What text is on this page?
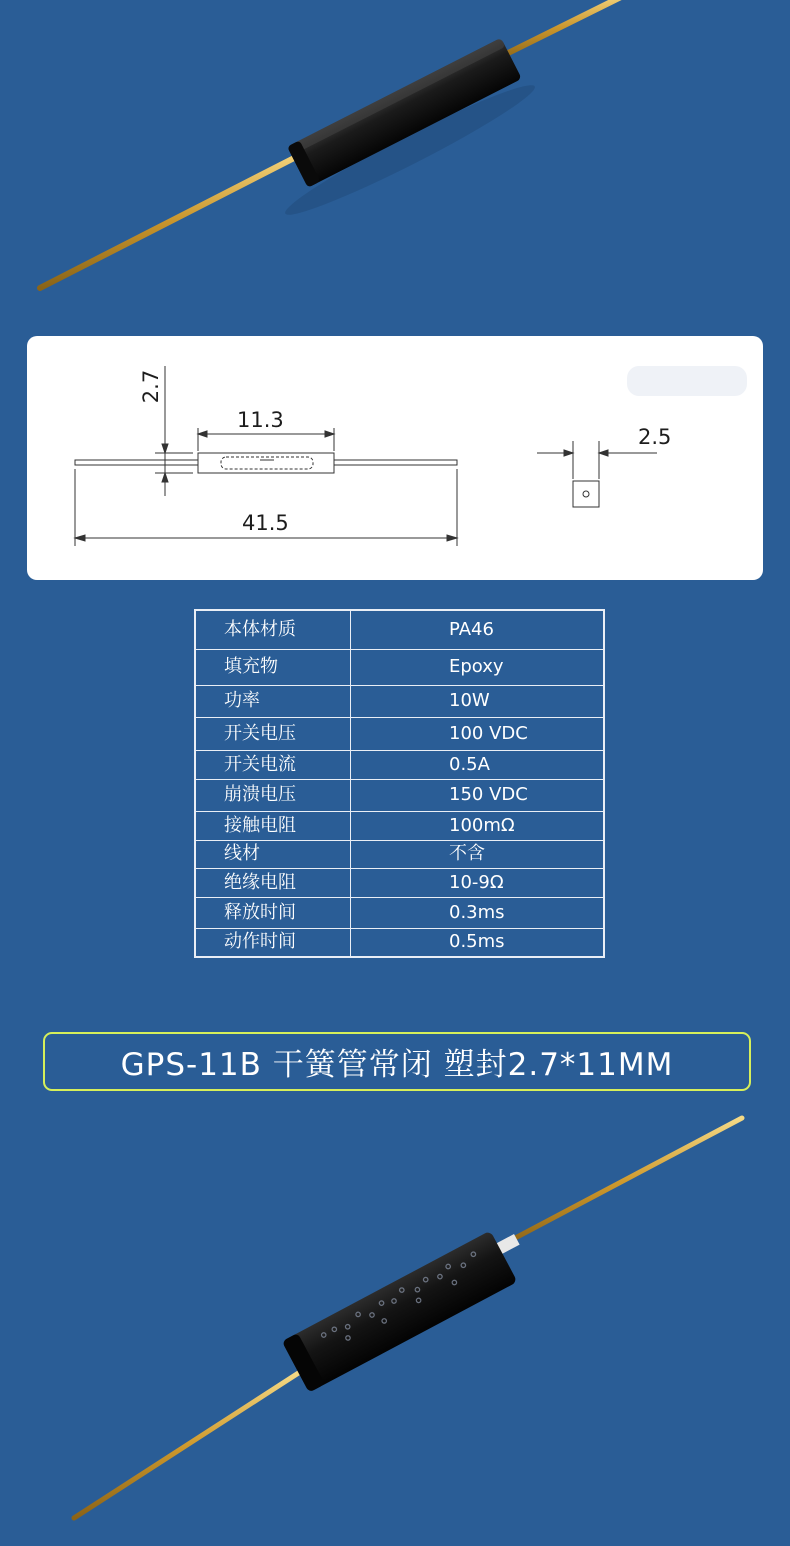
2.7
11.3
41.5
2.5
本体材质	PA46
填充物	Epoxy
功率	10W
开关电压	100 VDC
开关电流	0.5A
崩溃电压	150 VDC
接触电阻	100mΩ
线材	不含
绝缘电阻	10-9Ω
释放时间	0.3ms
动作时间	0.5ms
GPS-11B 干簧管常闭 塑封2.7*11MM
